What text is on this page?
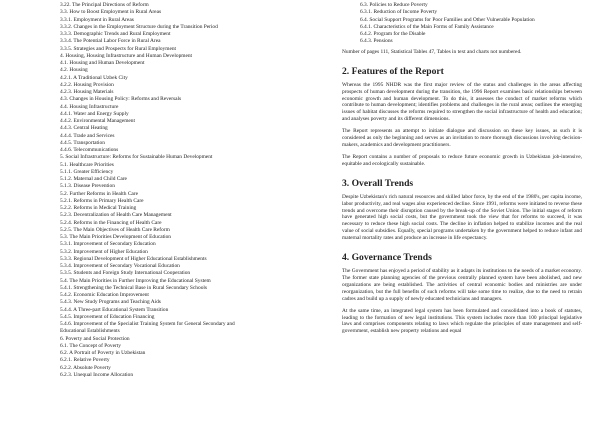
3.22. The Principal Directions of Reform
3.3. How to Boost Employment in Rural Areas
3.3.1. Employment in Rural Areas
3.3.2. Changes in the Employment Structure during the Transition Period
3.3.3. Demographic Trends and Rural Employment
3.3.4. The Potential Labor Force in Rural Area
3.3.5. Strategies and Prospects for Rural Employment
4. Housing, Housing Infrastructure and Human Development
4.1. Housing and Human Development
4.2. Housing
4.2.1. A Traditional Uzbek City
4.2.2. Housing Provision
4.2.3. Housing Materials
4.3. Changes in Housing Policy: Reforms and Reversals
4.4. Housing Infrastructure
4.4.1. Water and Energy Supply
4.4.2. Environmental Management
4.4.3. Central Heating
4.4.4. Trade and Services
4.4.5. Transportation
4.4.6. Telecommunications
5. Social Infrastructure: Reforms for Sustainable Human Development
5.1. Healthcare Priorities
5.1.1. Greater Efficiency
5.1.2. Maternal and Child Care
5.1.3. Disease Prevention
5.2. Further Reforms in Health Care
5.2.1. Reforms in Primary Health Care
5.2.2. Reforms in Medical Training
5.2.3. Decentralization of Health Care Management
5.2.4. Reforms in the Financing of Health Care
5.2.5. The Main Objectives of Health Care Reform
5.3. The Main Priorities Development of Education
5.3.1. Improvement of Secondary Education
5.3.2. Improvement of Higher Education
5.3.3. Regional Development of Higher Educational Establishments
5.3.4. Improvement of Secondary Vocational Education
5.3.5. Students and Foreign Study International Cooperation
5.4. The Main Priorities in Further Improving the Educational System
5.4.1. Strengthening the Technical Base in Rural Secondary Schools
5.4.2. Economic Education Improvement
5.4.3. New Study Programs and Teaching Aids
5.4.4. A Three-part Educational System Transition
5.4.5. Improvement of Education Financing
5.4.6. Improvement of the Specialist Training System for General Secondary and
Educational Establishments
6. Poverty and Social Protection
6.1. The Concept of Poverty
6.2. A Portrait of Poverty in Uzbekistan
6.2.1. Relative Poverty
6.2.2. Absolute Poverty
6.2.3. Unequal Income Allocation
6.3. Policies to Reduce Poverty
6.3.1. Reduction of Income Poverty
6.4. Social Support Programs for Poor Families and Other Vulnerable Population
6.4.1. Characteristics of the Main Forms of Family Assistance
6.4.2. Program for the Disable
6.4.3. Pensions
Number of pages 111, Statistical Tables 47, Tables in text and charts not numbered.
2. Features of the Report

Whereas the 1995 NHDR was the first major review of the status and challenges in the areas affecting prospects of human development during the transition, the 1996 Report examines basic relationships between economic growth and human development. To do this, it assesses the conduct of market reforms which contribute to human development; identifies problems and challenges in the rural areas; outlines the emerging issues of habitat discusses the reforms required to strengthen the social infrastructure of health and education; and analyses poverty and its different dimensions.

The Report represents an attempt to initiate dialogue and discussion on these key issues, as such it is considered as only the beginning and serves as an invitation to more thorough discussions involving decision-makers, academics and development practitioners.

The Report contains a number of proposals to reduce future economic growth in Uzbekistan job-intensive, equitable and ecologically sustainable.

3. Overall Trends

Despite Uzbekistan's rich natural resources and skilled labor force, by the end of the 1980's, per capita income, labor productivity, and real wages also experienced decline. Since 1991, reforms were initiated to reverse these trends and overcome their disruption caused by the break-up of the Soviet Union. The initial stages of reform have generated high social costs, but the government took the view that for reforms to succeed, it was necessary to reduce these high social costs. The decline in inflation helped to stabilize incomes and the real value of social subsidies. Equally, special programs undertaken by the government helped to reduce infant and maternal mortality rates and produce an increase in life expectancy.

4. Governance Trends

The Government has enjoyed a period of stability as it adapts its institutions to the needs of a market economy. The former state planning agencies of the previous centrally planned system have been abolished, and new organizations are being established. The activities of central economic bodies and ministries are under reorganization, but the full benefits of such reforms will take some time to realize, due to the need to retrain cadres and build up a supply of newly educated technicians and managers.

At the same time, an integrated legal system has been formulated and consolidated into a book of statutes, leading to the formation of new legal institutions. This system includes more than 100 principal legislative laws and comprises components relating to laws which regulate the principles of state management and self-government, establish new property relations and equal
